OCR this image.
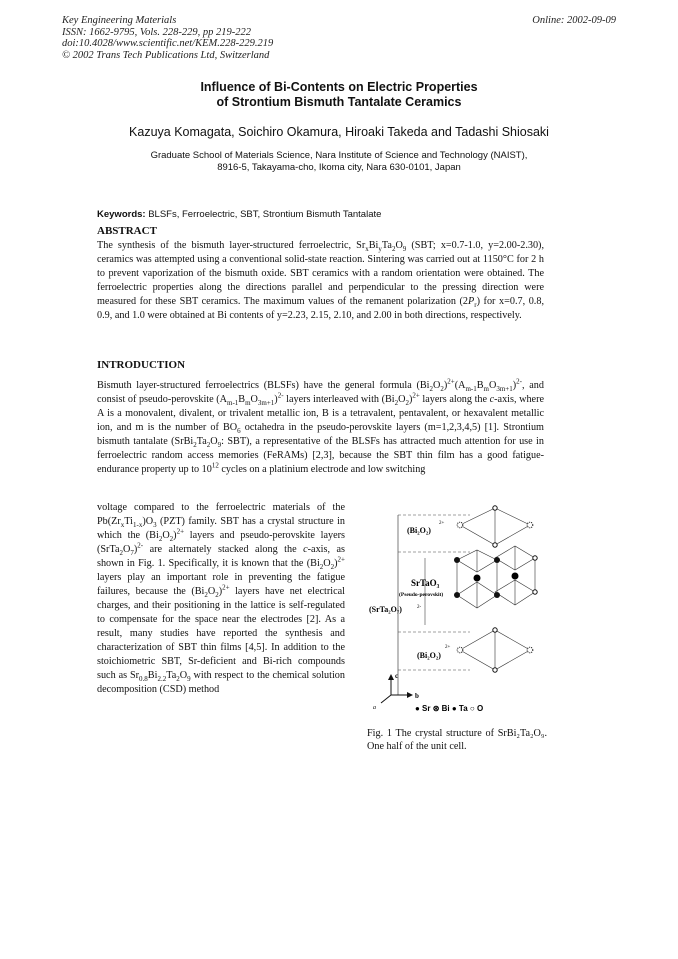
Key Engineering Materials
ISSN: 1662-9795, Vols. 228-229, pp 219-222
doi:10.4028/www.scientific.net/KEM.228-229.219
© 2002 Trans Tech Publications Ltd, Switzerland
Online: 2002-09-09
Influence of Bi-Contents on Electric Properties
of Strontium Bismuth Tantalate Ceramics
Kazuya Komagata, Soichiro Okamura, Hiroaki Takeda and Tadashi Shiosaki
Graduate School of Materials Science, Nara Institute of Science and Technology (NAIST),
8916-5, Takayama-cho, Ikoma city, Nara 630-0101, Japan
Keywords: BLSFs, Ferroelectric, SBT, Strontium Bismuth Tantalate
ABSTRACT
The synthesis of the bismuth layer-structured ferroelectric, $Sr_xBi_yTa_2O_9$ (SBT; x=0.7-1.0, y=2.00-2.30), ceramics was attempted using a conventional solid-state reaction. Sintering was carried out at 1150°C for 2 h to prevent vaporization of the bismuth oxide. SBT ceramics with a random orientation were obtained. The ferroelectric properties along the directions parallel and perpendicular to the pressing direction were measured for these SBT ceramics. The maximum values of the remanent polarization $(2P_r)$ for x=0.7, 0.8, 0.9, and 1.0 were obtained at Bi contents of y=2.23, 2.15, 2.10, and 2.00 in both directions, respectively.
INTRODUCTION
Bismuth layer-structured ferroelectrics (BLSFs) have the general formula $(Bi_2O_2)^{2+}(A_{m-1}B_mO_{3m+1})^{2-}$, and consist of pseudo-perovskite $(A_{m-1}B_mO_{3m+1})^{2-}$ layers interleaved with $(Bi_2O_2)^{2+}$ layers along the c-axis, where A is a monovalent, divalent, or trivalent metallic ion, B is a tetravalent, pentavalent, or hexavalent metallic ion, and m is the number of $BO_6$ octahedra in the pseudo-perovskite layers (m=1,2,3,4,5) [1]. Strontium bismuth tantalate ($SrBi_2Ta_2O_9$: SBT), a representative of the BLSFs has attracted much attention for use in ferroelectric random access memories (FeRAMs) [2,3], because the SBT thin film has a good fatigue-endurance property up to $10^{12}$ cycles on a platinium electrode and low switching
voltage compared to the ferroelectric materials of the $Pb(Zr_xTi_{1-x})O_3$ (PZT) family. SBT has a crystal structure in which the $(Bi_2O_2)^{2+}$ layers and pseudo-perovskite layers $(SrTa_2O_7)^{2-}$ are alternately stacked along the c-axis, as shown in Fig. 1. Specifically, it is known that the $(Bi_2O_2)^{2+}$ layers play an important role in preventing the fatigue failures, because the $(Bi_2O_2)^{2+}$ layers have net electrical charges, and their positioning in the lattice is self-regulated to compensate for the space near the electrodes [2]. As a result, many studies have reported the synthesis and characterization of SBT thin films [4,5]. In addition to the stoichiometric SBT, Sr-deficient and Bi-rich compounds such as $Sr_{0.8}Bi_{2.2}Ta_2O_9$ with respect to the chemical solution decomposition (CSD) method
(Bi₂O₂)
2+
SrTaO₃
(Pseudo-perovskit)
(SrTa₂O₇)	2-
(Bi₂O₂)
2+
c
b
a	● Sr ⊛ Bi ● Ta ○ O
Fig. 1 The crystal structure of SrBi₂Ta₂O₉. One half of the unit cell.
